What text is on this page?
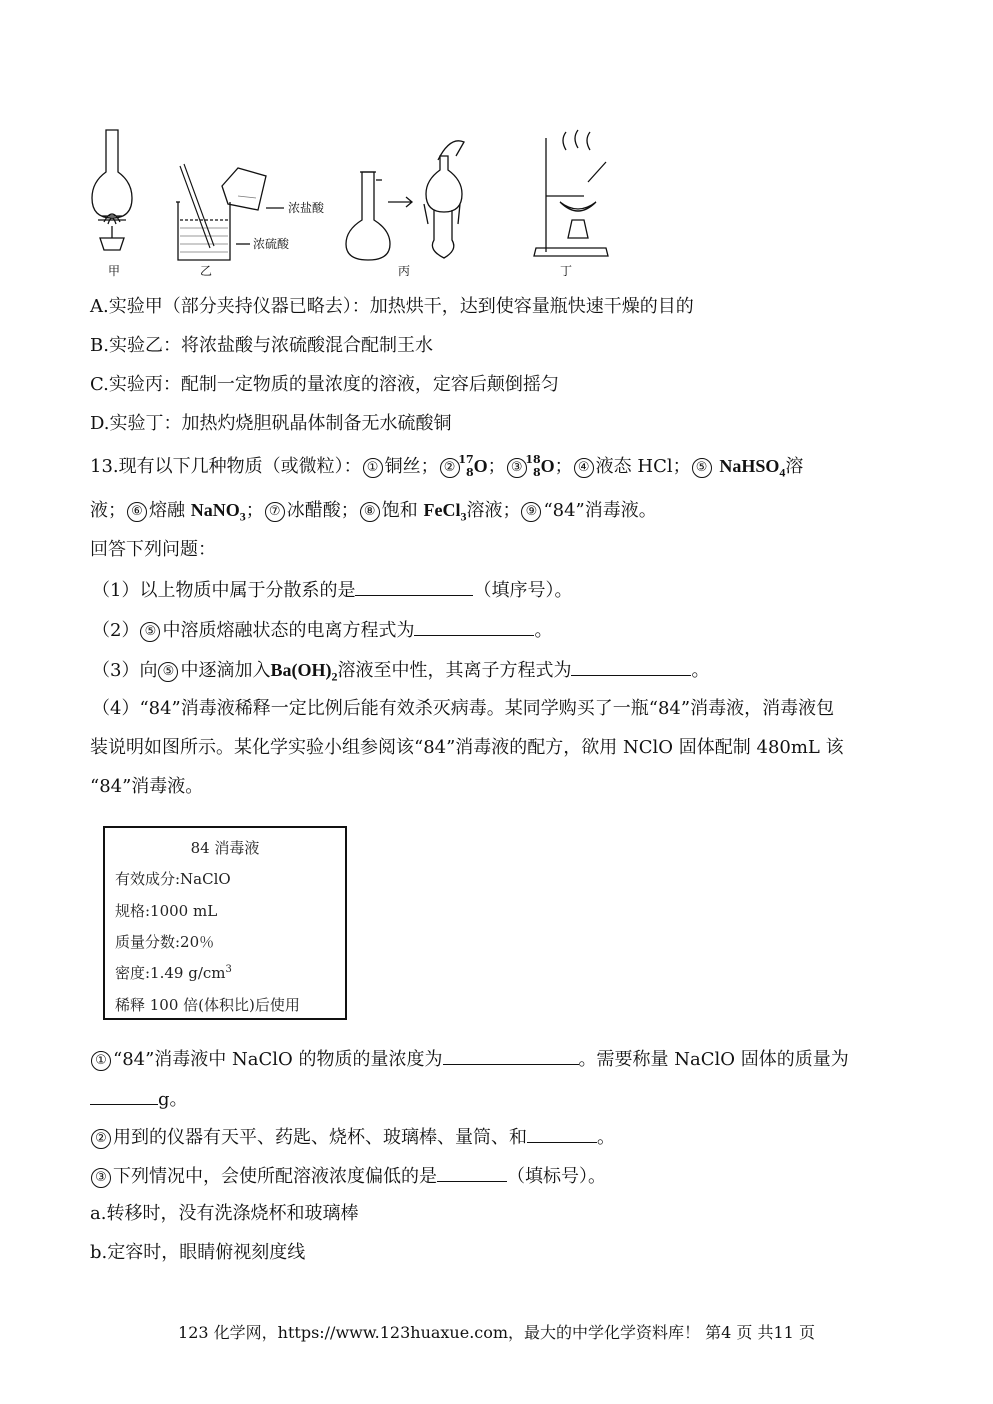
甲
浓盐酸
浓硫酸
乙	丙	丁
A.实验甲（部分夹持仪器已略去）：加热烘干，达到使容量瓶快速干燥的目的
B.实验乙：将浓盐酸与浓硫酸混合配制王水
C.实验丙：配制一定物质的量浓度的溶液，定容后颠倒摇匀
D.实验丁：加热灼烧胆矾晶体制备无水硫酸铜
13.现有以下几种物质（或微粒）： ① 铜丝； ②
17
8 O； ③
18
8 O； ④ 液态 HCl； ⑤ NaHSO$_4$溶
液； ⑥ 熔融 NaNO$_3$； ⑦ 冰醋酸； ⑧ 饱和 FeCl$_3$溶液； ⑨ “84”消毒液。
回答下列问题：
（1）以上物质中属于分散系的是	（填序号）。
（2） ⑤ 中溶质熔融状态的电离方程式为	。
（3）向 ⑤ 中逐滴加入$Ba(OH)_2$溶液至中性，其离子方程式为	。
（4）“84”消毒液稀释一定比例后能有效杀灭病毒。某同学购买了一瓶“84”消毒液，消毒液包
装说明如图所示。某化学实验小组参阅该“84”消毒液的配方，欲用 NClO 固体配制 480mL 该
“84”消毒液。
84 消毒液
有效成分:NaClO
规格:1000 mL
质量分数:20％
密度:1.49 $g/cm^3$
稀释 100 倍(体积比)后使用
① “84”消毒液中 NaClO 的物质的量浓度为	。需要称量 NaClO 固体的质量为
g。
② 用到的仪器有天平、药匙、烧杯、玻璃棒、量筒、和	。
③ 下列情况中，会使所配溶液浓度偏低的是	（填标号）。
a.转移时，没有洗涤烧杯和玻璃棒
b.定容时，眼睛俯视刻度线
123 化学网，https://www.123huaxue.com，最大的中学化学资料库！ 第4 页 共11 页
